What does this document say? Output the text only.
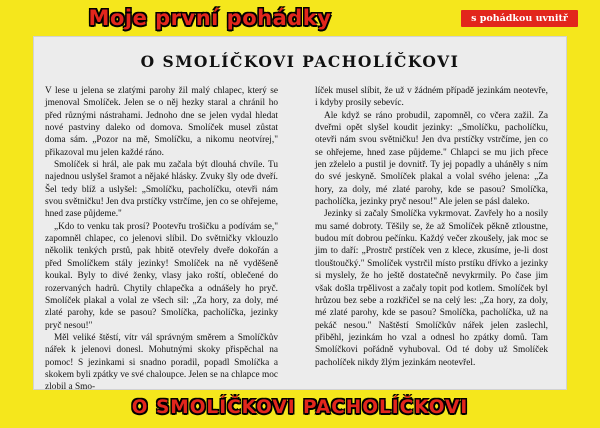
Moje první pohádky	s pohádkou uvnitř
O SMOLÍČKOVI PACHOLÍČKOVI

V lese u jelena se zlatými parohy žil malý chlapec, který se jmenoval Smolíček. Jelen se o něj hezky staral a chránil ho před různými nástrahami. Jednoho dne se jelen vydal hledat nové pastviny daleko od domova. Smolíček musel zůstat doma sám. „Pozor na mě, Smolíčku, a nikomu neotvírej," přikazoval mu jelen každé ráno.

Smolíček si hrál, ale pak mu začala být dlouhá chvíle. Tu najednou uslyšel šramot a nějaké hlásky. Zvuky šly ode dveří. Šel tedy blíž a uslyšel: „Smolíčku, pacholíčku, otevři nám svou světničku! Jen dva prstíčky vstrčíme, jen co se ohřejeme, hned zase půjdeme."

„Kdo to venku tak prosí? Pootevřu trošičku a podívám se," zapomněl chlapec, co jelenovi slíbil. Do světničky vklouzlo několik tenkých prstů, pak hbitě otevřely dveře dokořán a před Smolíčkem stály jezinky! Smolíček na ně vyděšeně koukal. Byly to divé ženky, vlasy jako roští, oblečené do rozervaných hadrů. Chytily chlapečka a odnášely ho pryč. Smolíček plakal a volal ze všech sil: „Za hory, za doly, mé zlaté parohy, kde se pasou? Smolíčka, pacholíčka, jezinky pryč nesou!"

Měl veliké štěstí, vítr vál správným směrem a Smolíčkův nářek k jelenovi donesl. Mohutnými skoky přispěchal na pomoc! S jezinkami si snadno poradil, popadl Smolíčka a skokem byli zpátky ve své chaloupce. Jelen se na chlapce moc zlobil a Smo-

líček musel slíbit, že už v žádném případě jezinkám neotevře, i kdyby prosily sebevíc.

Ale když se ráno probudil, zapomněl, co včera zažil. Za dveřmi opět slyšel koudit jezinky: „Smolíčku, pacholíčku, otevři nám svou světničku! Jen dva prstíčky vstrčíme, jen co se ohřejeme, hned zase půjdeme." Chlapci se mu jich přece jen zželelo a pustil je dovnitř. Ty jej popadly a uháněly s ním do své jeskyně. Smolíček plakal a volal svého jelena: „Za hory, za doly, mé zlaté parohy, kde se pasou? Smolíčka, pacholíčka, jezinky pryč nesou!" Ale jelen se pásl daleko.

Jezinky si začaly Smolíčka vykrmovat. Zavřely ho a nosily mu samé dobroty. Těšily se, že až Smolíček pěkně ztloustne, budou mít dobrou pečínku. Každý večer zkoušely, jak moc se jim to daří: „Prostrč prstíček ven z klece, zkusíme, je-li dost tlouštoučký." Smolíček vystrčil místo prstíku dřívko a jezinky si myslely, že ho ještě dostatečně nevykrmily. Po čase jim však došla trpělivost a začaly topit pod kotlem. Smolíček byl hrůzou bez sebe a rozkřičel se na celý les: „Za hory, za doly, mé zlaté parohy, kde se pasou? Smolíčka, pacholíčka, už na pekáč nesou." Naštěstí Smolíčkův nářek jelen zaslechl, přiběhl, jezinkám ho vzal a odnesl ho zpátky domů. Tam Smolíčkovi pořádně vyhuboval. Od té doby už Smolíček pacholíček nikdy žlým jezinkám neotevřel.

O SMOLÍČKOVI PACHOLÍČKOVI
